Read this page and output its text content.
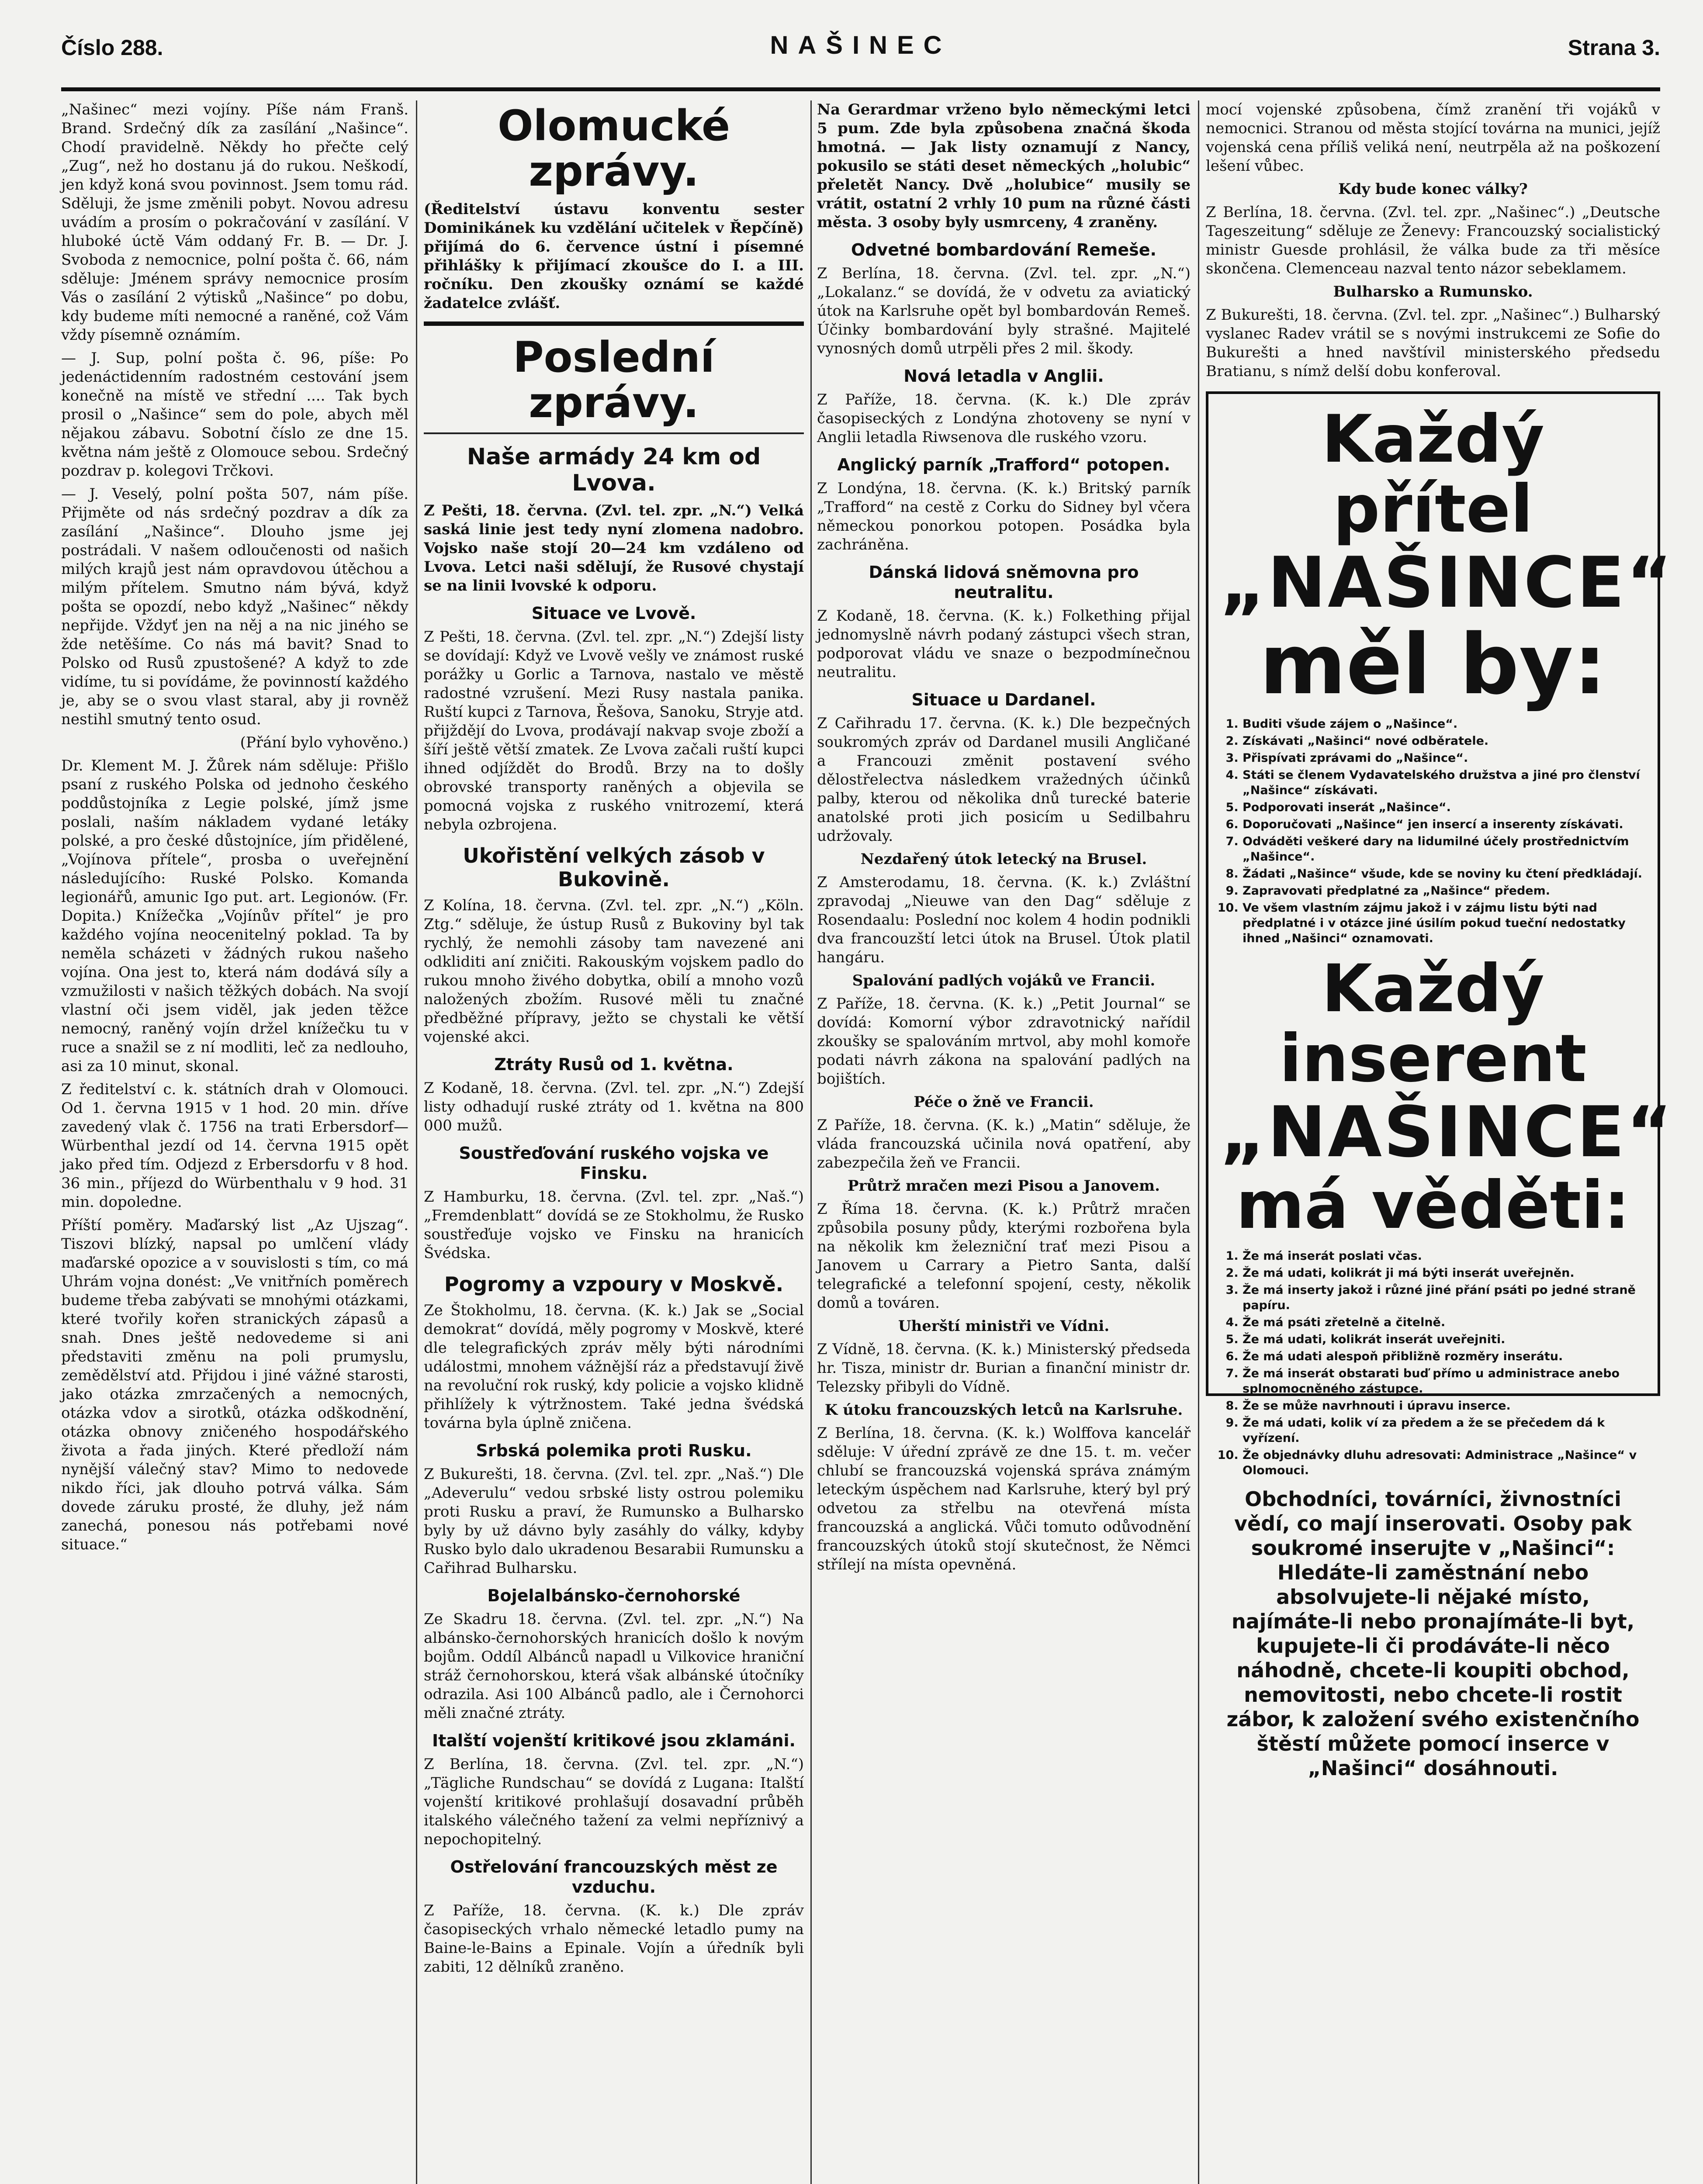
Číslo 288.	NAŠINEC	Strana 3.

„Našinec“ mezi vojíny. Píše nám Franš. Brand. Srdečný dík za zasílání „Našince“. Chodí pravidelně. Někdy ho přečte celý „Zug“, než ho dostanu já do rukou. Neškodí, jen když koná svou povinnost. Jsem tomu rád. Sděluji, že jsme změnili pobyt. Novou adresu uvádím a prosím o pokračování v zasílání. V hluboké úctě Vám oddaný Fr. B. — Dr. J. Svoboda z nemocnice, polní pošta č. 66, nám sděluje: Jménem správy nemocnice prosím Vás o zasílání 2 výtisků „Našince“ po dobu, kdy budeme míti nemocné a raněné, což Vám vždy písemně oznámím.

— J. Sup, polní pošta č. 96, píše: Po jedenáctidenním radostném cestování jsem konečně na místě ve střední .... Tak bych prosil o „Našince“ sem do pole, abych měl nějakou zábavu. Sobotní číslo ze dne 15. května nám ještě z Olomouce sebou. Srdečný pozdrav p. kolegovi Trčkovi.

— J. Veselý, polní pošta 507, nám píše. Přijměte od nás srdečný pozdrav a dík za zasílání „Našince“. Dlouho jsme jej postrádali. V našem odloučenosti od našich milých krajů jest nám opravdovou útěchou a milým přítelem. Smutno nám bývá, když pošta se opozdí, nebo když „Našinec“ někdy nepřijde. Vždyť jen na něj a na nic jiného se žde netěšíme. Co nás má bavit? Snad to Polsko od Rusů zpustošené? A když to zde vidíme, tu si povídáme, že povinností každého je, aby se o svou vlast staral, aby ji rovněž nestihl smutný tento osud.

(Přání bylo vyhověno.)

Dr. Klement M. J. Žůrek nám sděluje: Přišlo psaní z ruského Polska od jednoho českého poddůstojníka z Legie polské, jímž jsme poslali, naším nákladem vydané letáky polské, a pro české důstojníce, jím přidělené, „Vojínova přítele“, prosba o uveřejnění následujícího: Ruské Polsko. Komanda legionářů, amunic Igo put. art. Legionów. (Fr. Dopita.) Knížečka „Vojínův přítel“ je pro každého vojína neocenitelný poklad. Ta by neměla scházeti v žádných rukou našeho vojína. Ona jest to, která nám dodává síly a vzmužilosti v našich těžkých dobách. Na svojí vlastní oči jsem viděl, jak jeden těžce nemocný, raněný vojín držel knížečku tu v ruce a snažil se z ní modliti, leč za nedlouho, asi za 10 minut, skonal.

Z ředitelství c. k. státních drah v Olomouci. Od 1. června 1915 v 1 hod. 20 min. dříve zavedený vlak č. 1756 na trati Erbersdorf—Würbenthal jezdí od 14. června 1915 opět jako před tím. Odjezd z Erbersdorfu v 8 hod. 36 min., příjezd do Würbenthalu v 9 hod. 31 min. dopoledne.

Příští poměry. Maďarský list „Az Ujszag“. Tiszovi blízký, napsal po umlčení vlády maďarské opozice a v souvislosti s tím, co má Uhrám vojna donést: „Ve vnitřních poměrech budeme třeba zabývati se mnohými otázkami, které tvořily kořen stranických zápasů a snah. Dnes ještě nedovedeme si ani představiti změnu na poli prumyslu, zemědělství atd. Přijdou i jiné vážné starosti, jako otázka zmrzačených a nemocných, otázka vdov a sirotků, otázka odškodnění, otázka obnovy zničeného hospodářského života a řada jiných. Které předloží nám nynější válečný stav? Mimo to nedovede nikdo říci, jak dlouho potrvá válka. Sám dovede záruku prosté, že dluhy, jež nám zanechá, ponesou nás potřebami nové situace.“

Olomucké zprávy.

(Ředitelství ústavu konventu sester Dominikánek ku vzdělání učitelek v Řepčíně) přijímá do 6. července ústní i písemné přihlášky k přijímací zkoušce do I. a III. ročníku. Den zkoušky oznámí se každé žadatelce zvlášť.

Poslední zprávy.
Naše armády 24 km od Lvova.

Z Pešti, 18. června. (Zvl. tel. zpr. „N.“) Velká saská linie jest tedy nyní zlomena nadobro. Vojsko naše stojí 20—24 km vzdáleno od Lvova. Letci naši sdělují, že Rusové chystají se na linii lvovské k odporu.

Situace ve Lvově.

Z Pešti, 18. června. (Zvl. tel. zpr. „N.“) Zdejší listy se dovídají: Když ve Lvově vešly ve známost ruské porážky u Gorlic a Tarnova, nastalo ve městě radostné vzrušení. Mezi Rusy nastala panika. Ruští kupci z Tarnova, Řešova, Sanoku, Stryje atd. přijždějí do Lvova, prodávají nakvap svoje zboží a šíří ještě větší zmatek. Ze Lvova začali ruští kupci ihned odjíždět do Brodů. Brzy na to došly obrovské transporty raněných a objevila se pomocná vojska z ruského vnitrozemí, která nebyla ozbrojena.

Ukořistění velkých zásob v Bukovině.

Z Kolína, 18. června. (Zvl. tel. zpr. „N.“) „Köln. Ztg.“ sděluje, že ústup Rusů z Bukoviny byl tak rychlý, že nemohli zásoby tam navezené ani odkliditi aní zničiti. Rakouským vojskem padlo do rukou mnoho živého dobytka, obilí a mnoho vozů naložených zbožím. Rusové měli tu značné předběžné přípravy, ježto se chystali ke větší vojenské akci.

Ztráty Rusů od 1. května.

Z Kodaně, 18. června. (Zvl. tel. zpr. „N.“) Zdejší listy odhadují ruské ztráty od 1. května na 800 000 mužů.

Soustřeďování ruského vojska ve Finsku.

Z Hamburku, 18. června. (Zvl. tel. zpr. „Naš.“) „Fremdenblatt“ dovídá se ze Stokholmu, že Rusko soustřeďuje vojsko ve Finsku na hranicích Švédska.

Pogromy a vzpoury v Moskvě.

Ze Štokholmu, 18. června. (K. k.) Jak se „Social demokrat“ dovídá, měly pogromy v Moskvě, které dle telegrafických zpráv měly býti národními událostmi, mnohem vážnější ráz a představují živě na revoluční rok ruský, kdy policie a vojsko klidně přihlížely k výtržnostem. Také jedna švédská továrna byla úplně zničena.

Srbská polemika proti Rusku.

Z Bukurešti, 18. června. (Zvl. tel. zpr. „Naš.“) Dle „Adeverulu“ vedou srbské listy ostrou polemiku proti Rusku a praví, že Rumunsko a Bulharsko byly by už dávno byly zasáhly do války, kdyby Rusko bylo dalo ukradenou Besarabii Rumunsku a Cařihrad Bulharsku.

Bojelalbánsko-černohorské

Ze Skadru 18. června. (Zvl. tel. zpr. „N.“) Na albánsko-černohorských hranicích došlo k novým bojům. Oddíl Albánců napadl u Vilkovice hraniční stráž černohorskou, která však albánské útočníky odrazila. Asi 100 Albánců padlo, ale i Černohorci měli značné ztráty.

Italští vojenští kritikové jsou zklamáni.

Z Berlína, 18. června. (Zvl. tel. zpr. „N.“) „Tägliche Rundschau“ se dovídá z Lugana: Italští vojenští kritikové prohlašují dosavadní průběh italského válečného tažení za velmi nepříznivý a nepochopitelný.

Ostřelování francouzských měst ze vzduchu.

Z Paříže, 18. června. (K. k.) Dle zpráv časopiseckých vrhalo německé letadlo pumy na Baine-le-Bains a Epinale. Vojín a úředník byli zabiti, 12 dělníků zraněno.

Na Gerardmar vrženo bylo německými letci 5 pum. Zde byla způsobena značná škoda hmotná. — Jak listy oznamují z Nancy, pokusilo se státi deset německých „holubic“ přeletět Nancy. Dvě „holubice“ musily se vrátit, ostatní 2 vrhly 10 pum na různé části města. 3 osoby byly usmrceny, 4 zraněny.

Odvetné bombardování Remeše.

Z Berlína, 18. června. (Zvl. tel. zpr. „N.“) „Lokalanz.“ se dovídá, že v odvetu za aviatický útok na Karlsruhe opět byl bombardován Remeš. Účinky bombardování byly strašné. Majitelé vynosných domů utrpěli přes 2 mil. škody.

Nová letadla v Anglii.

Z Paříže, 18. června. (K. k.) Dle zpráv časopiseckých z Londýna zhotoveny se nyní v Anglii letadla Riwsenova dle ruského vzoru.

Anglický parník „Trafford“ potopen.

Z Londýna, 18. června. (K. k.) Britský parník „Trafford“ na cestě z Corku do Sidney byl včera německou ponorkou potopen. Posádka byla zachráněna.

Dánská lidová sněmovna pro neutralitu.

Z Kodaně, 18. června. (K. k.) Folkething přijal jednomyslně návrh podaný zástupci všech stran, podporovat vládu ve snaze o bezpodmínečnou neutralitu.

Situace u Dardanel.

Z Cařihradu 17. června. (K. k.) Dle bezpečných soukromých zpráv od Dardanel musili Angličané a Francouzi změnit postavení svého dělostřelectva následkem vražedných účinků palby, kterou od několika dnů turecké baterie anatolské proti jich posicím u Sedilbahru udržovaly.

Nezdařený útok letecký na Brusel.

Z Amsterodamu, 18. června. (K. k.) Zvláštní zpravodaj „Nieuwe van den Dag“ sděluje z Rosendaalu: Poslední noc kolem 4 hodin podnikli dva francouzští letci útok na Brusel. Útok platil hangáru.

Spalování padlých vojáků ve Francii.

Z Paříže, 18. června. (K. k.) „Petit Journal“ se dovídá: Komorní výbor zdravotnický nařídil zkoušky se spalováním mrtvol, aby mohl komoře podati návrh zákona na spalování padlých na bojištích.

Péče o žně ve Francii.

Z Paříže, 18. června. (K. k.) „Matin“ sděluje, že vláda francouzská učinila nová opatření, aby zabezpečila žeň ve Francii.

Průtrž mračen mezi Pisou a Janovem.

Z Říma 18. června. (K. k.) Průtrž mračen způsobila posuny půdy, kterými rozbořena byla na několik km železniční trať mezi Pisou a Janovem u Carrary a Pietro Santa, další telegrafické a telefonní spojení, cesty, několik domů a továren.

Uherští ministři ve Vídni.

Z Vídně, 18. června. (K. k.) Ministerský předseda hr. Tisza, ministr dr. Burian a finanční ministr dr. Telezsky přibyli do Vídně.

K útoku francouzských letců na Karlsruhe.

Z Berlína, 18. června. (K. k.) Wolffova kancelář sděluje: V úřední zprávě ze dne 15. t. m. večer chlubí se francouzská vojenská správa známým leteckým úspěchem nad Karlsruhe, který byl prý odvetou za střelbu na otevřená místa francouzská a anglická. Vůči tomuto odůvodnění francouzských útoků stojí skutečnost, že Němci střílejí na místa opevněná.

mocí vojenské způsobena, čímž zranění tři vojáků v nemocnici. Stranou od města stojící továrna na munici, jejíž vojenská cena příliš veliká není, neutrpěla až na poškození lešení vůbec.

Kdy bude konec války?

Z Berlína, 18. června. (Zvl. tel. zpr. „Našinec“.) „Deutsche Tageszeitung“ sděluje ze Ženevy: Francouzský socialistický ministr Guesde prohlásil, že válka bude za tři měsíce skončena. Clemenceau nazval tento názor sebeklamem.

Bulharsko a Rumunsko.

Z Bukurešti, 18. června. (Zvl. tel. zpr. „Našinec“.) Bulharský vyslanec Radev vrátil se s novými instrukcemi ze Sofie do Bukurešti a hned navštívil ministerského předsedu Bratianu, s nímž delší dobu konferoval.

Každý přítel
„NAŠINCE“
měl by:
1. Buditi všude zájem o „Našince“.
2. Získávati „Našinci“ nové odběratele.
3. Přispívati zprávami do „Našince“.
4. Státi se členem Vydavatelského družstva a jiné pro členství „Našince“ získávati.
5. Podporovati inserát „Našince“.
6. Doporučovati „Našince“ jen insercí a inserenty získávati.
7. Odváděti veškeré dary na lidumilné účely prostřednictvím „Našince“.
8. Žádati „Našince“ všude, kde se noviny ku čtení předkládají.
9. Zapravovati předplatné za „Našince“ předem.
10. Ve všem vlastním zájmu jakož i v zájmu listu býti nad předplatné i v otázce jiné úsilím pokud tueční nedostatky ihned „Našinci“ oznamovati.
Každý inserent
„NAŠINCE“
má věděti:
1. Že má inserát poslati včas.
2. Že má udati, kolikrát ji má býti inserát uveřejněn.
3. Že má inserty jakož i různé jiné přání psáti po jedné straně papíru.
4. Že má psáti zřetelně a čitelně.
5. Že má udati, kolikrát inserát uveřejniti.
6. Že má udati alespoň přibližně rozměry inserátu.
7. Že má inserát obstarati buď přímo u administrace anebo splnomocněného zástupce.
8. Že se může navrhnouti i úpravu inserce.
9. Že má udati, kolik ví za předem a že se přečedem dá k vyřízení.
10. Že objednávky dluhu adresovati: Administrace „Našince“ v Olomouci.
Obchodníci, továrníci, živnostníci vědí, co mají inserovati. Osoby pak soukromé inserujte v „Našinci“: Hledáte-li zaměstnání nebo absolvujete-li nějaké místo, najímáte-li nebo pronajímáte-li byt, kupujete-li či prodáváte-li něco náhodně, chcete-li koupiti obchod, nemovitosti, nebo chcete-li rostit zábor, k založení svého existenčního štěstí můžete pomocí inserce v „Našinci“ dosáhnouti.
